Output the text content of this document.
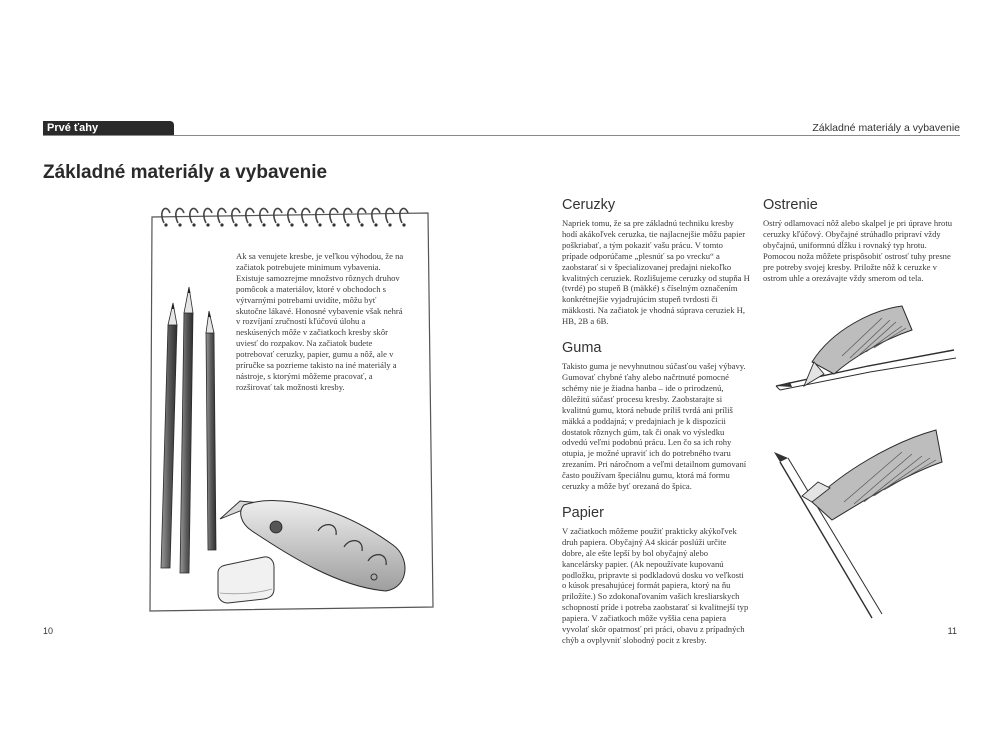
Prvé ťahy	Základné materiály a vybavenie
Základné materiály a vybavenie

Ak sa venujete kresbe, je veľkou výhodou, že na začiatok potrebujete minimum vybavenia. Existuje samozrejme množstvo rôznych druhov pomôcok a materiálov, ktoré v obchodoch s výtvarnými potrebami uvidíte, môžu byť skutočne lákavé. Honosné vybavenie však nehrá v rozvíjaní zručností kľúčovú úlohu a neskúsených môže v začiatkoch kresby skôr uviesť do rozpakov. Na začiatok budete potrebovať ceruzky, papier, gumu a nôž, ale v príručke sa pozrieme takisto na iné materiály a nástroje, s ktorými môžeme pracovať, a rozširovať tak možnosti kresby.

Ceruzky

Napriek tomu, že sa pre základnú techniku kresby hodí akákoľvek ceruzka, tie najlacnejšie môžu papier poškriabať, a tým pokaziť vašu prácu. V tomto prípade odporúčame „plesnúť sa po vrecku“ a zaobstarať si v špecializovanej predajni niekoľko kvalitných ceruziek. Rozlišujeme ceruzky od stupňa H (tvrdé) po stupeň B (mäkké) s číselným označením konkrétnejšie vyjadrujúcim stupeň tvrdosti či mäkkosti. Na začiatok je vhodná súprava ceruziek H, HB, 2B a 6B.

Guma

Takisto guma je nevyhnutnou súčasťou vašej výbavy. Gumovať chybné ťahy alebo načrtnuté pomocné schémy nie je žiadna hanba – ide o prirodzenú, dôležitú súčasť procesu kresby. Zaobstarajte si kvalitnú gumu, ktorá nebude príliš tvrdá ani príliš mäkká a poddajná; v predajniach je k dispozícii dostatok rôznych gúm, tak či onak vo výsledku odvedú veľmi podobnú prácu. Len čo sa ich rohy otupia, je možné upraviť ich do potrebného tvaru zrezaním. Pri náročnom a veľmi detailnom gumovaní často používam špeciálnu gumu, ktorá má formu ceruzky a môže byť orezaná do špica.

Papier

V začiatkoch môžeme použiť prakticky akýkoľvek druh papiera. Obyčajný A4 skicár poslúži určite dobre, ale ešte lepší by bol obyčajný alebo kancelársky papier. (Ak nepoužívate kupovanú podložku, pripravte si podkladovú dosku vo veľkosti o kúsok presahujúcej formát papiera, ktorý na ňu priložíte.) So zdokonaľovaním vašich kresliarskych schopností príde i potreba zaobstarať si kvalitnejší typ papiera. V začiatkoch môže vyššia cena papiera vyvolať skôr opatrnosť pri práci, obavu z prípadných chýb a ovplyvniť slobodný pocit z kresby.

Ostrenie

Ostrý odlamovací nôž alebo skalpel je pri úprave hrotu ceruzky kľúčový. Obyčajné strúhadlo pripraví vždy obyčajnú, uniformnú dĺžku i rovnaký typ hrotu. Pomocou noža môžete prispôsobiť ostrosť tuhy presne pre potreby svojej kresby. Priložte nôž k ceruzke v ostrom uhle a orezávajte vždy smerom od tela.

10	11
